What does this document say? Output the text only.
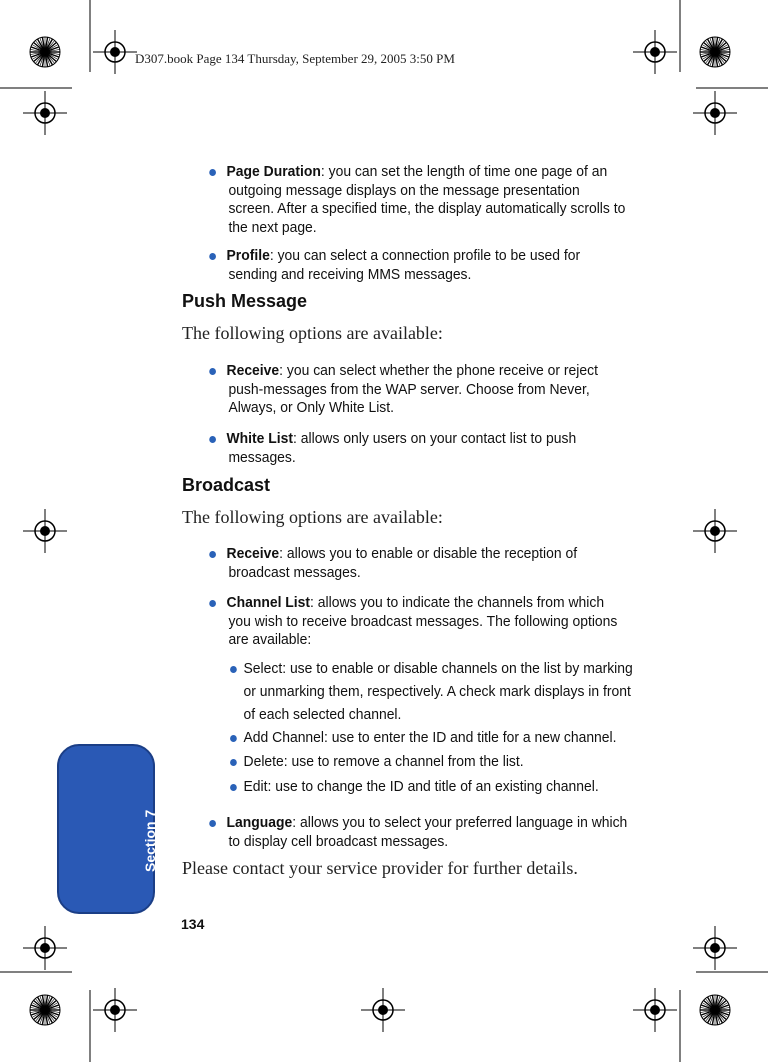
D307.book Page 134 Thursday, September 29, 2005 3:50 PM
Page Duration: you can set the length of time one page of an outgoing message displays on the message presentation screen. After a specified time, the display automatically scrolls to the next page.
Profile: you can select a connection profile to be used for sending and receiving MMS messages.
Push Message
The following options are available:
Receive: you can select whether the phone receive or reject push-messages from the WAP server. Choose from Never, Always, or Only White List.
White List: allows only users on your contact list to push messages.
Broadcast
The following options are available:
Receive: allows you to enable or disable the reception of broadcast messages.
Channel List: allows you to indicate the channels from which you wish to receive broadcast messages. The following options are available:
Select: use to enable or disable channels on the list by marking or unmarking them, respectively. A check mark displays in front of each selected channel.
Add Channel: use to enter the ID and title for a new channel.
Delete: use to remove a channel from the list.
Edit: use to change the ID and title of an existing channel.
Language: allows you to select your preferred language in which to display cell broadcast messages.
Please contact your service provider for further details.
Section 7
134
